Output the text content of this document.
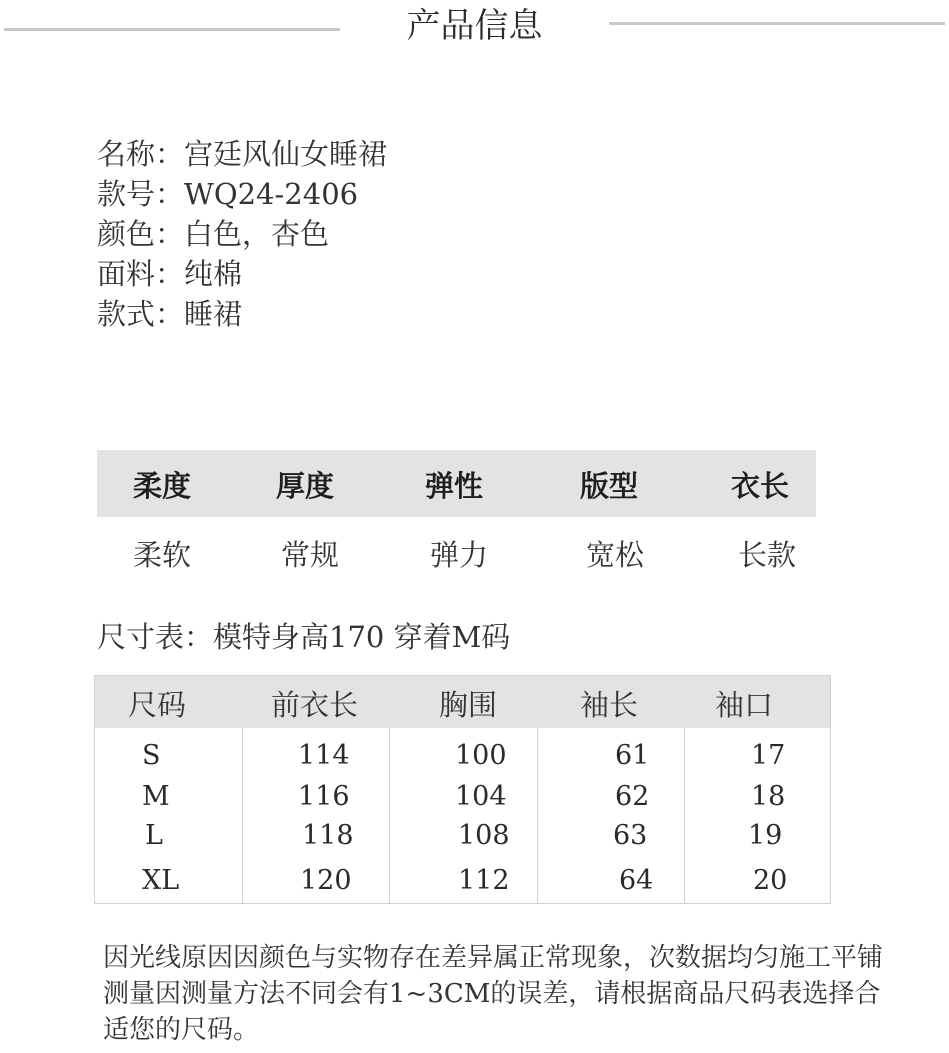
产品信息
名称：宫廷风仙女睡裙
款号：WQ24-2406
颜色：白色，杏色
面料：纯棉
款式：睡裙
柔度	厚度	弹性	版型	衣长
柔软	常规	弹力	宽松	长款
尺寸表：模特身高170 穿着M码
尺码	前衣长	胸围	袖长	袖口
S	114	100	61	17
M	116	104	62	18
L	118	108	63	19
XL	120	112	64	20
因光线原因因颜色与实物存在差异属正常现象，次数据均匀施工平铺测量因测量方法不同会有1~3CM的误差，请根据商品尺码表选择合适您的尺码。
